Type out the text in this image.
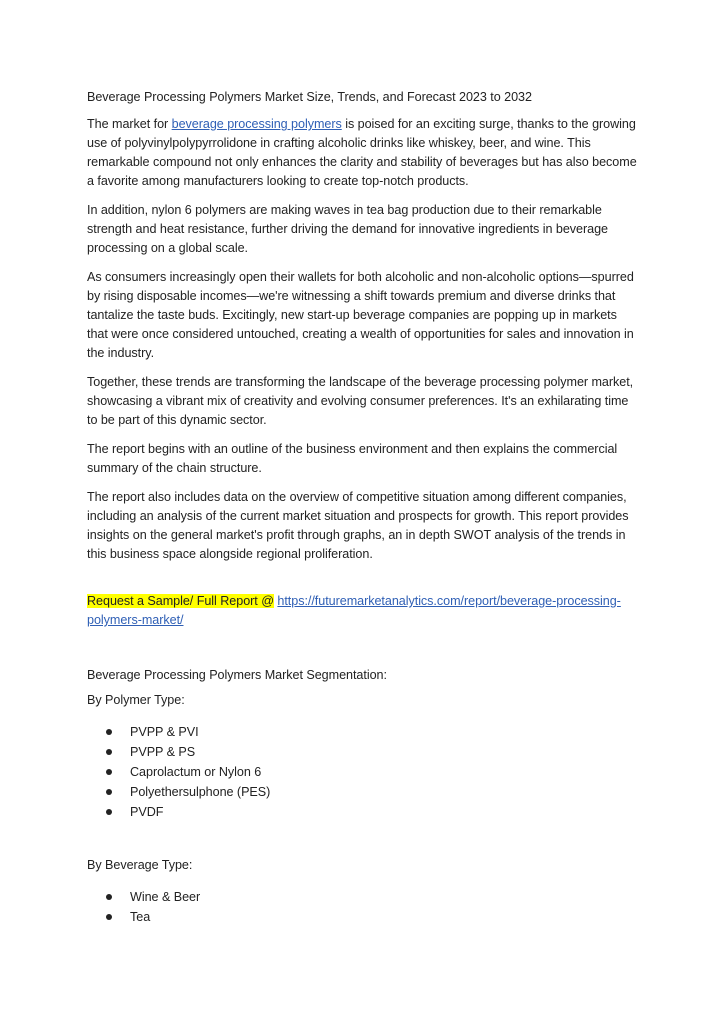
Beverage Processing Polymers Market Size, Trends, and Forecast 2023 to 2032

The market for beverage processing polymers is poised for an exciting surge, thanks to the growing use of polyvinylpolypyrrolidone in crafting alcoholic drinks like whiskey, beer, and wine. This remarkable compound not only enhances the clarity and stability of beverages but has also become a favorite among manufacturers looking to create top-notch products.

In addition, nylon 6 polymers are making waves in tea bag production due to their remarkable strength and heat resistance, further driving the demand for innovative ingredients in beverage processing on a global scale.

As consumers increasingly open their wallets for both alcoholic and non-alcoholic options—spurred by rising disposable incomes—we're witnessing a shift towards premium and diverse drinks that tantalize the taste buds. Excitingly, new start-up beverage companies are popping up in markets that were once considered untouched, creating a wealth of opportunities for sales and innovation in the industry.

Together, these trends are transforming the landscape of the beverage processing polymer market, showcasing a vibrant mix of creativity and evolving consumer preferences. It's an exhilarating time to be part of this dynamic sector.

The report begins with an outline of the business environment and then explains the commercial summary of the chain structure.

The report also includes data on the overview of competitive situation among different companies, including an analysis of the current market situation and prospects for growth. This report provides insights on the general market's profit through graphs, an in depth SWOT analysis of the trends in this business space alongside regional proliferation.

Request a Sample/ Full Report @ https://futuremarketanalytics.com/report/beverage-processing-polymers-market/

Beverage Processing Polymers Market Segmentation:

By Polymer Type:

PVPP & PVI
PVPP & PS
Caprolactum or Nylon 6
Polyethersulphone (PES)
PVDF

By Beverage Type:

Wine & Beer
Tea
